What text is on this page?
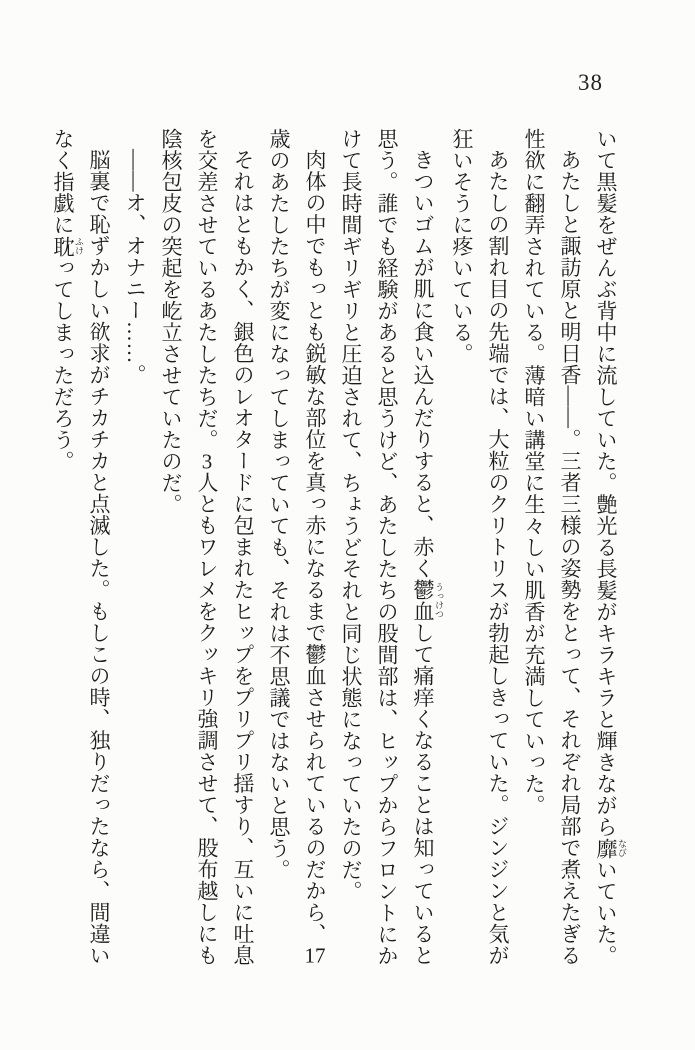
38

いて黒髪をぜんぶ背中に流していた。艶光る長髪がキラキラと輝きながら靡 なびいていた。

あたしと諏訪原と明日香――。三者三様の姿勢をとって、それぞれ局部で煮えたぎる性欲に翻弄されている。薄暗い講堂に生々しい肌香が充満していった。

あたしの割れ目の先端では、大粒のクリトリスが勃起しきっていた。ジンジンと気が狂いそうに疼いている。

きついゴムが肌に食い込んだりすると、赤く鬱血 うっけつして痛痒くなることは知っていると思う。誰でも経験があると思うけど、あたしたちの股間部は、ヒップからフロントにかけて長時間ギリギリと圧迫されて、ちょうどそれと同じ状態になっていたのだ。

肉体の中でもっとも鋭敏な部位を真っ赤になるまで鬱血させられているのだから、17歳のあたしたちが変になってしまっていても、それは不思議ではないと思う。

それはともかく、銀色のレオタードに包まれたヒップをプリプリ揺すり、互いに吐息を交差させているあたしたちだ。3人ともワレメをクッキリ強調させて、股布越しにも陰核包皮の突起を屹立させていたのだ。

――オ、オナニー……。

脳裏で恥ずかしい欲求がチカチカと点滅した。もしこの時、独りだったなら、間違いなく指戯に耽 ふけってしまっただろう。
